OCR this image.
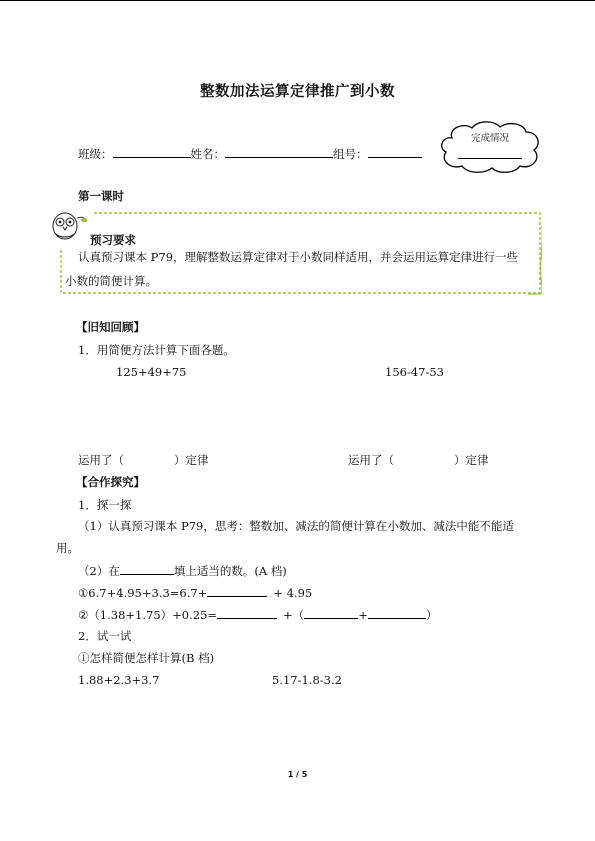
整数加法运算定律推广到小数
班级：	姓名：	组号：
完成情况
第一课时
预习要求
认真预习课本 P79，理解整数运算定律对于小数同样适用，并会运用运算定律进行一些
小数的简便计算。
【旧知回顾】
1．用简便方法计算下面各题。
125+49+75	156-47-53
运用了（	）定律	运用了（	）定律
【合作探究】
1．探一探
（1）认真预习课本 P79，思考：整数加、减法的简便计算在小数加、减法中能不能适
用。
（2）在	填上适当的数。(A 档)
①6.7+4.95+3.3=6.7+	+ 4.95
②（1.38+1.75）+0.25=	+（	+	）
2．试一试
①怎样简便怎样计算(B 档)
1.88+2.3+3.7	5.17-1.8-3.2
1 / 5
